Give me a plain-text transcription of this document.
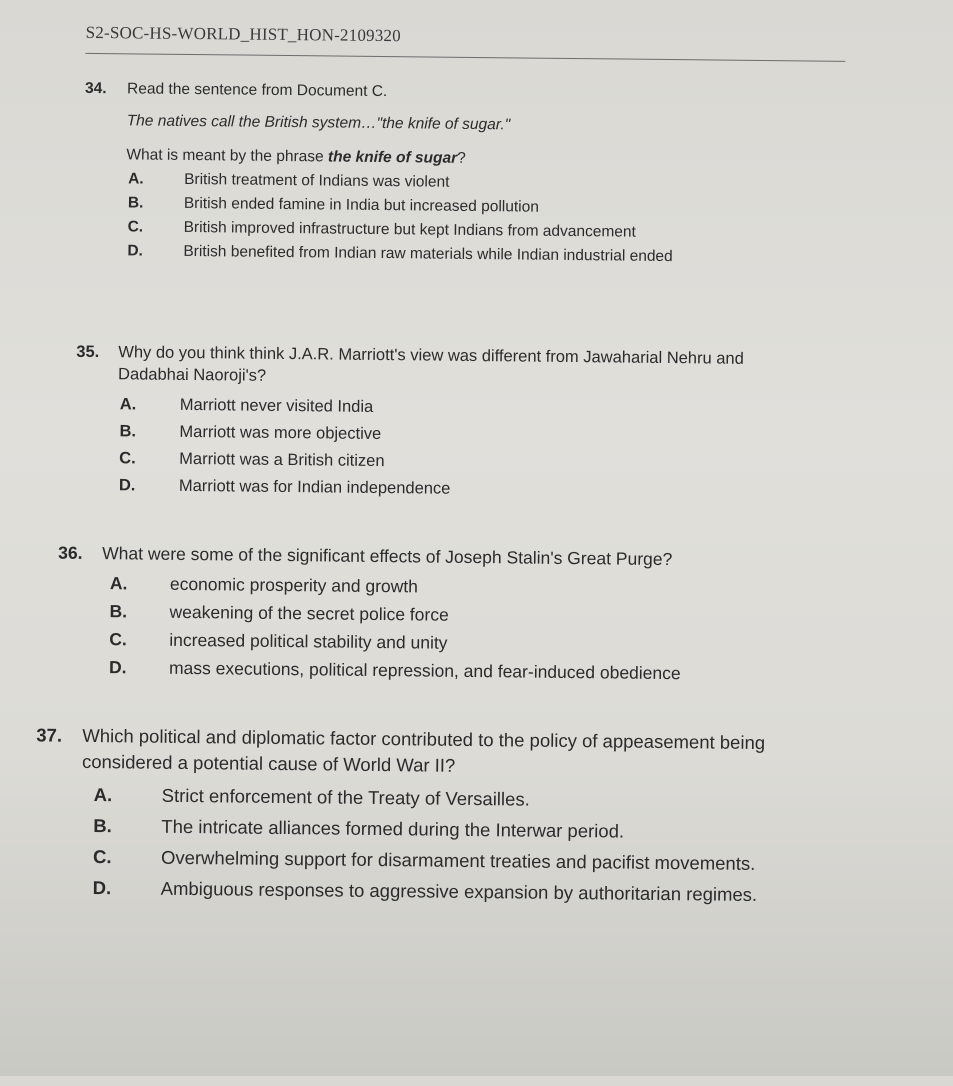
S2-SOC-HS-WORLD_HIST_HON-2109320
34. Read the sentence from Document C.
The natives call the British system…"the knife of sugar."
What is meant by the phrase the knife of sugar?
A.	British treatment of Indians was violent
B.	British ended famine in India but increased pollution
C.	British improved infrastructure but kept Indians from advancement
D.	British benefited from Indian raw materials while Indian industrial ended
35. Why do you think think J.A.R. Marriott's view was different from Jawaharial Nehru and
Dadabhai Naoroji's?
A.	Marriott never visited India
B.	Marriott was more objective
C.	Marriott was a British citizen
D.	Marriott was for Indian independence
36. What were some of the significant effects of Joseph Stalin's Great Purge?
A.	economic prosperity and growth
B.	weakening of the secret police force
C.	increased political stability and unity
D.	mass executions, political repression, and fear-induced obedience
37. Which political and diplomatic factor contributed to the policy of appeasement being
considered a potential cause of World War II?
A.	Strict enforcement of the Treaty of Versailles.
B.	The intricate alliances formed during the Interwar period.
C.	Overwhelming support for disarmament treaties and pacifist movements.
D.	Ambiguous responses to aggressive expansion by authoritarian regimes.
